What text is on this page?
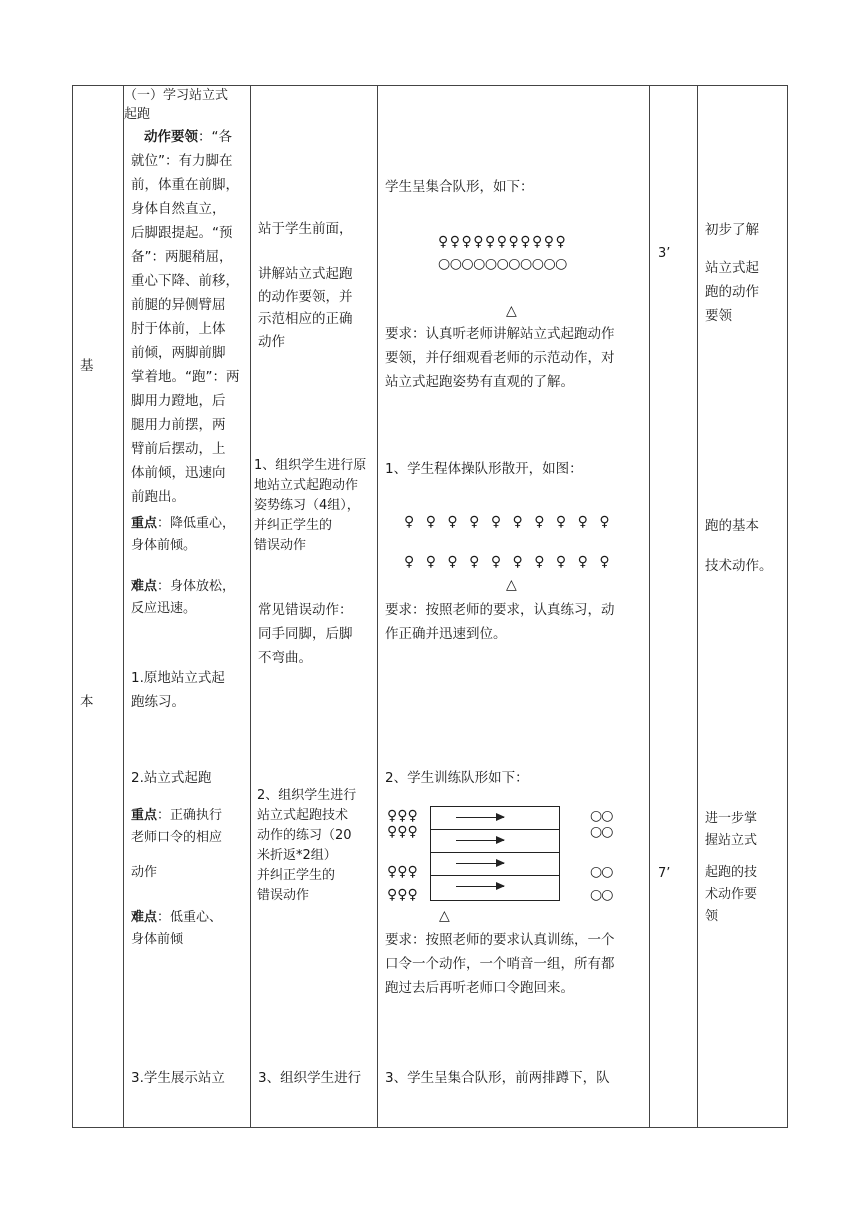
基
本
（一）学习站立式
起跑
动作要领：“各
就位”：有力脚在
前，体重在前脚，
身体自然直立，
后脚跟提起。“预
备”：两腿稍屈，
重心下降、前移，
前腿的异侧臂屈
肘于体前，上体
前倾，两脚前脚
掌着地。“跑”：两
脚用力蹬地，后
腿用力前摆，两
臂前后摆动，上
体前倾，迅速向
前跑出。
重点：降低重心，
身体前倾。
难点：身体放松，
反应迅速。
1.原地站立式起
跑练习。
2.站立式起跑
重点：正确执行
老师口令的相应
动作
难点：低重心、
身体前倾
3.学生展示站立
站于学生前面，

讲解站立式起跑
的动作要领，并
示范相应的正确
动作
1、组织学生进行原
地站立式起跑动作
姿势练习（4组），
并纠正学生的
错误动作
常见错误动作：
同手同脚，后脚
不弯曲。
2、组织学生进行
站立式起跑技术
动作的练习（20
米折返*2组）
并纠正学生的
错误动作
3、组织学生进行
学生呈集合队形，如下：
♀♀♀♀♀♀♀♀♀♀♀
○○○○○○○○○○○
△
要求：认真听老师讲解站立式起跑动作
要领，并仔细观看老师的示范动作，对
站立式起跑姿势有直观的了解。
1、学生程体操队形散开，如图：
♀ ♀ ♀ ♀ ♀ ♀ ♀ ♀ ♀ ♀
♀ ♀ ♀ ♀ ♀ ♀ ♀ ♀ ♀ ♀
△
要求：按照老师的要求，认真练习，动
作正确并迅速到位。
2、学生训练队形如下：
♀♀♀
♀♀♀
♀♀♀
♀♀♀
○○
○○
○○
○○
△
要求：按照老师的要求认真训练，一个
口令一个动作，一个哨音一组，所有都
跑过去后再听老师口令跑回来。
3、学生呈集合队形，前两排蹲下，队
3’
7’
初步了解
站立式起
跑的动作
要领
跑的基本
技术动作。
进一步掌
握站立式
起跑的技
术动作要
领
